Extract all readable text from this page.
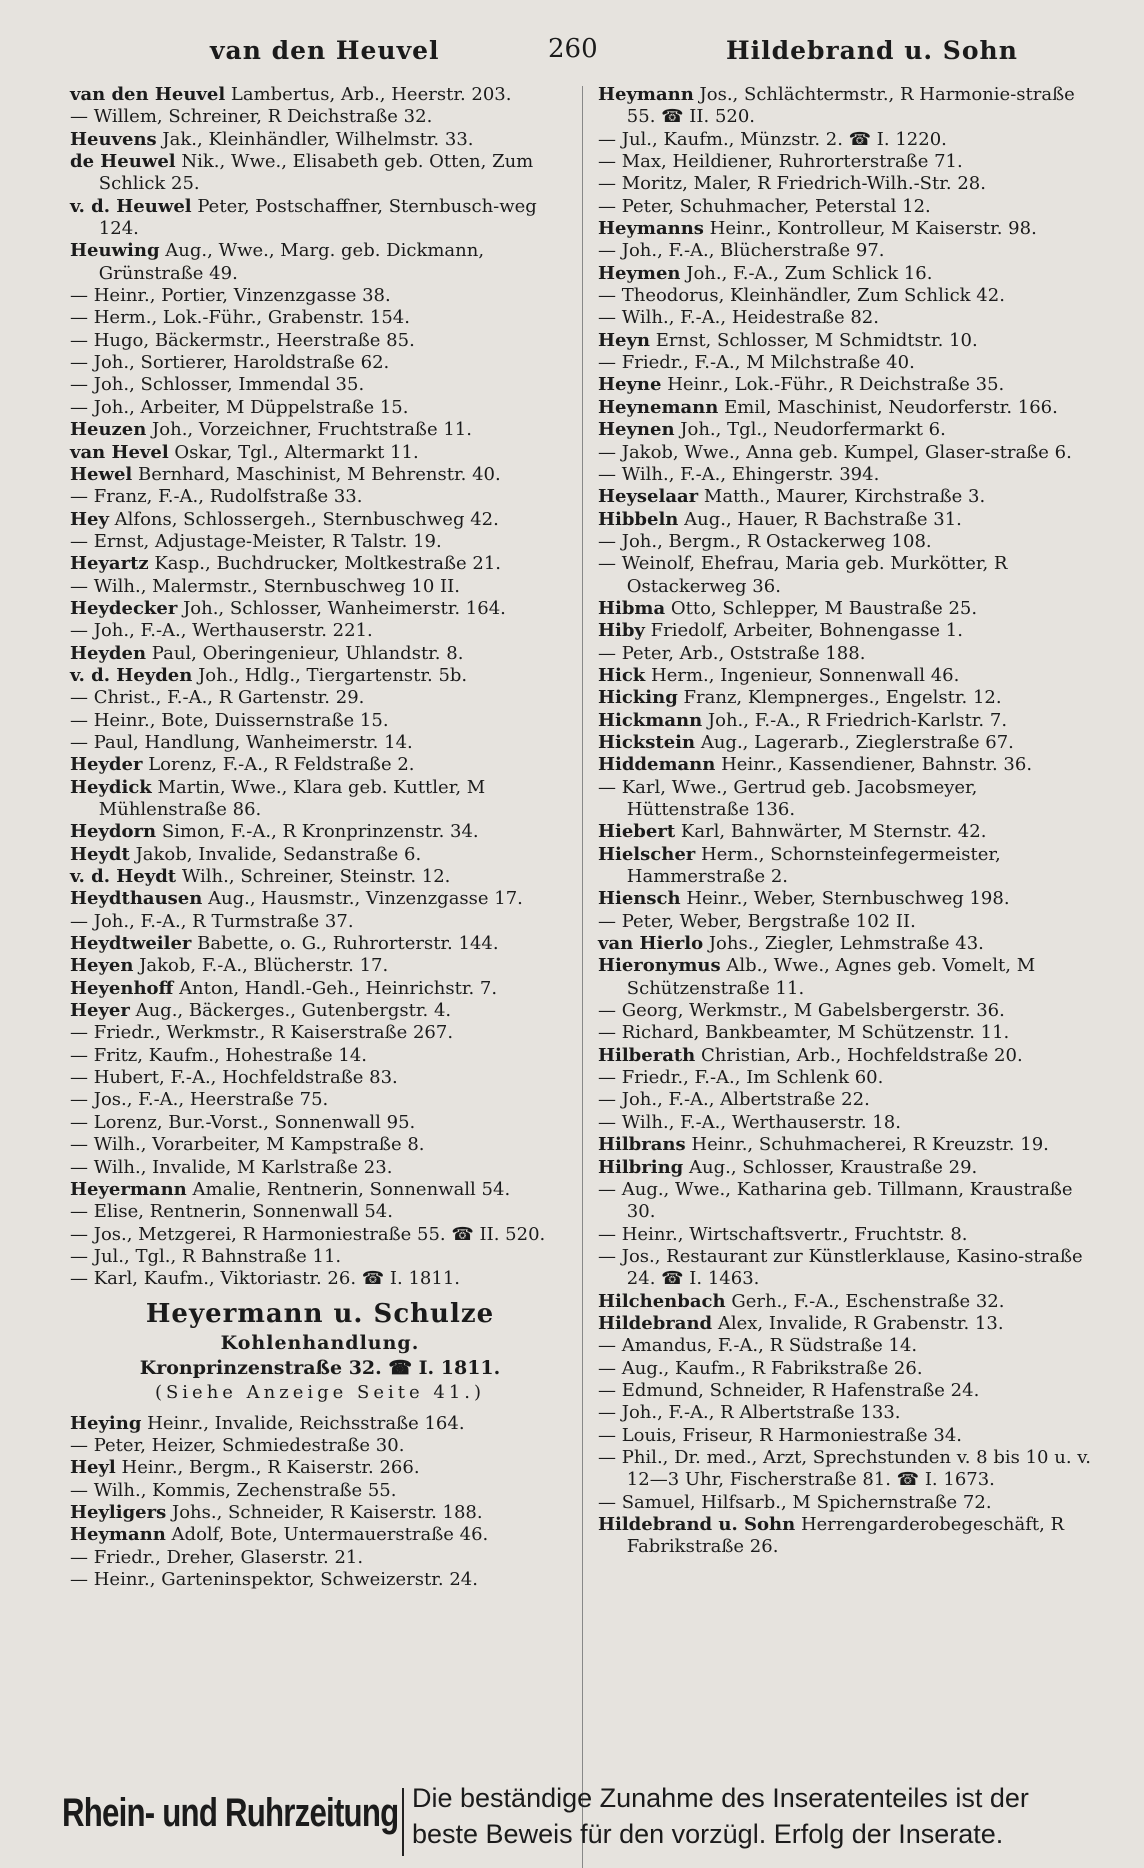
van den Heuvel	260	Hildebrand u. Sohn
van den Heuvel Lambertus, Arb., Heerstr. 203.
— Willem, Schreiner, R Deichstraße 32.
Heuvens Jak., Kleinhändler, Wilhelmstr. 33.
de Heuwel Nik., Wwe., Elisabeth geb. Otten, Zum Schlick 25.
v. d. Heuwel Peter, Postschaffner, Sternbusch-weg 124.
Heuwing Aug., Wwe., Marg. geb. Dickmann, Grünstraße 49.
— Heinr., Portier, Vinzenzgasse 38.
— Herm., Lok.-Führ., Grabenstr. 154.
— Hugo, Bäckermstr., Heerstraße 85.
— Joh., Sortierer, Haroldstraße 62.
— Joh., Schlosser, Immendal 35.
— Joh., Arbeiter, M Düppelstraße 15.
Heuzen Joh., Vorzeichner, Fruchtstraße 11.
van Hevel Oskar, Tgl., Altermarkt 11.
Hewel Bernhard, Maschinist, M Behrenstr. 40.
— Franz, F.-A., Rudolfstraße 33.
Hey Alfons, Schlossergeh., Sternbuschweg 42.
— Ernst, Adjustage-Meister, R Talstr. 19.
Heyartz Kasp., Buchdrucker, Moltkestraße 21.
— Wilh., Malermstr., Sternbuschweg 10 II.
Heydecker Joh., Schlosser, Wanheimerstr. 164.
— Joh., F.-A., Werthauserstr. 221.
Heyden Paul, Oberingenieur, Uhlandstr. 8.
v. d. Heyden Joh., Hdlg., Tiergartenstr. 5b.
— Christ., F.-A., R Gartenstr. 29.
— Heinr., Bote, Duissernstraße 15.
— Paul, Handlung, Wanheimerstr. 14.
Heyder Lorenz, F.-A., R Feldstraße 2.
Heydick Martin, Wwe., Klara geb. Kuttler, M Mühlenstraße 86.
Heydorn Simon, F.-A., R Kronprinzenstr. 34.
Heydt Jakob, Invalide, Sedanstraße 6.
v. d. Heydt Wilh., Schreiner, Steinstr. 12.
Heydthausen Aug., Hausmstr., Vinzenzgasse 17.
— Joh., F.-A., R Turmstraße 37.
Heydtweiler Babette, o. G., Ruhrorterstr. 144.
Heyen Jakob, F.-A., Blücherstr. 17.
Heyenhoff Anton, Handl.-Geh., Heinrichstr. 7.
Heyer Aug., Bäckerges., Gutenbergstr. 4.
— Friedr., Werkmstr., R Kaiserstraße 267.
— Fritz, Kaufm., Hohestraße 14.
— Hubert, F.-A., Hochfeldstraße 83.
— Jos., F.-A., Heerstraße 75.
— Lorenz, Bur.-Vorst., Sonnenwall 95.
— Wilh., Vorarbeiter, M Kampstraße 8.
— Wilh., Invalide, M Karlstraße 23.
Heyermann Amalie, Rentnerin, Sonnenwall 54.
— Elise, Rentnerin, Sonnenwall 54.
— Jos., Metzgerei, R Harmoniestraße 55. ☎ II. 520.
— Jul., Tgl., R Bahnstraße 11.
— Karl, Kaufm., Viktoriastr. 26. ☎ I. 1811.
Heyermann u. Schulze
Kohlenhandlung.
Kronprinzenstraße 32. ☎ I. 1811.
(Siehe Anzeige Seite 41.)
Heying Heinr., Invalide, Reichsstraße 164.
— Peter, Heizer, Schmiedestraße 30.
Heyl Heinr., Bergm., R Kaiserstr. 266.
— Wilh., Kommis, Zechenstraße 55.
Heyligers Johs., Schneider, R Kaiserstr. 188.
Heymann Adolf, Bote, Untermauerstraße 46.
— Friedr., Dreher, Glaserstr. 21.
— Heinr., Garteninspektor, Schweizerstr. 24.
Heymann Jos., Schlächtermstr., R Harmonie-straße 55. ☎ II. 520.
— Jul., Kaufm., Münzstr. 2. ☎ I. 1220.
— Max, Heildiener, Ruhrorterstraße 71.
— Moritz, Maler, R Friedrich-Wilh.-Str. 28.
— Peter, Schuhmacher, Peterstal 12.
Heymanns Heinr., Kontrolleur, M Kaiserstr. 98.
— Joh., F.-A., Blücherstraße 97.
Heymen Joh., F.-A., Zum Schlick 16.
— Theodorus, Kleinhändler, Zum Schlick 42.
— Wilh., F.-A., Heidestraße 82.
Heyn Ernst, Schlosser, M Schmidtstr. 10.
— Friedr., F.-A., M Milchstraße 40.
Heyne Heinr., Lok.-Führ., R Deichstraße 35.
Heynemann Emil, Maschinist, Neudorferstr. 166.
Heynen Joh., Tgl., Neudorfermarkt 6.
— Jakob, Wwe., Anna geb. Kumpel, Glaser-straße 6.
— Wilh., F.-A., Ehingerstr. 394.
Heyselaar Matth., Maurer, Kirchstraße 3.
Hibbeln Aug., Hauer, R Bachstraße 31.
— Joh., Bergm., R Ostackerweg 108.
— Weinolf, Ehefrau, Maria geb. Murkötter, R Ostackerweg 36.
Hibma Otto, Schlepper, M Baustraße 25.
Hiby Friedolf, Arbeiter, Bohnengasse 1.
— Peter, Arb., Oststraße 188.
Hick Herm., Ingenieur, Sonnenwall 46.
Hicking Franz, Klempnerges., Engelstr. 12.
Hickmann Joh., F.-A., R Friedrich-Karlstr. 7.
Hickstein Aug., Lagerarb., Zieglerstraße 67.
Hiddemann Heinr., Kassendiener, Bahnstr. 36.
— Karl, Wwe., Gertrud geb. Jacobsmeyer, Hüttenstraße 136.
Hiebert Karl, Bahnwärter, M Sternstr. 42.
Hielscher Herm., Schornsteinfegermeister, Hammerstraße 2.
Hiensch Heinr., Weber, Sternbuschweg 198.
— Peter, Weber, Bergstraße 102 II.
van Hierlo Johs., Ziegler, Lehmstraße 43.
Hieronymus Alb., Wwe., Agnes geb. Vomelt, M Schützenstraße 11.
— Georg, Werkmstr., M Gabelsbergerstr. 36.
— Richard, Bankbeamter, M Schützenstr. 11.
Hilberath Christian, Arb., Hochfeldstraße 20.
— Friedr., F.-A., Im Schlenk 60.
— Joh., F.-A., Albertstraße 22.
— Wilh., F.-A., Werthauserstr. 18.
Hilbrans Heinr., Schuhmacherei, R Kreuzstr. 19.
Hilbring Aug., Schlosser, Kraustraße 29.
— Aug., Wwe., Katharina geb. Tillmann, Kraustraße 30.
— Heinr., Wirtschaftsvertr., Fruchtstr. 8.
— Jos., Restaurant zur Künstlerklause, Kasino-straße 24. ☎ I. 1463.
Hilchenbach Gerh., F.-A., Eschenstraße 32.
Hildebrand Alex, Invalide, R Grabenstr. 13.
— Amandus, F.-A., R Südstraße 14.
— Aug., Kaufm., R Fabrikstraße 26.
— Edmund, Schneider, R Hafenstraße 24.
— Joh., F.-A., R Albertstraße 133.
— Louis, Friseur, R Harmoniestraße 34.
— Phil., Dr. med., Arzt, Sprechstunden v. 8 bis 10 u. v. 12—3 Uhr, Fischerstraße 81. ☎ I. 1673.
— Samuel, Hilfsarb., M Spichernstraße 72.
Hildebrand u. Sohn Herrengarderobegeschäft, R Fabrikstraße 26.
Rhein- und Ruhrzeitung Die beständige Zunahme des Inseratenteiles ist der
beste Beweis für den vorzügl. Erfolg der Inserate.
